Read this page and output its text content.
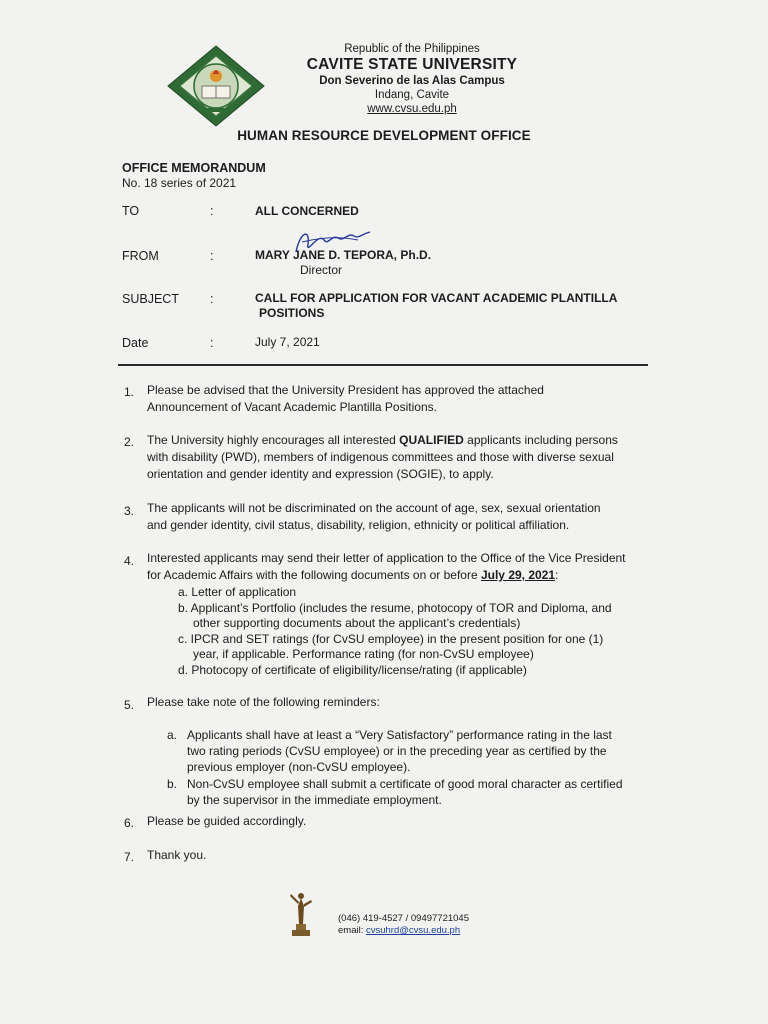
Republic of the Philippines
CAVITE STATE UNIVERSITY
Don Severino de las Alas Campus
Indang, Cavite
www.cvsu.edu.ph
HUMAN RESOURCE DEVELOPMENT OFFICE
OFFICE MEMORANDUM
No. 18 series of 2021
TO	:	ALL CONCERNED
FROM	:	MARY JANE D. TEPORA, Ph.D.
Director
SUBJECT :	CALL FOR APPLICATION FOR VACANT ACADEMIC PLANTILLA
POSITIONS
Date	:	July 7, 2021
1. Please be advised that the University President has approved the attached
Announcement of Vacant Academic Plantilla Positions.
2. The University highly encourages all interested QUALIFIED applicants including persons
with disability (PWD), members of indigenous committees and those with diverse sexual
orientation and gender identity and expression (SOGIE), to apply.
3. The applicants will not be discriminated on the account of age, sex, sexual orientation
and gender identity, civil status, disability, religion, ethnicity or political affiliation.
4. Interested applicants may send their letter of application to the Office of the Vice President
for Academic Affairs with the following documents on or before July 29, 2021:
a. Letter of application
b. Applicant’s Portfolio (includes the resume, photocopy of TOR and Diploma, and
other supporting documents about the applicant’s credentials)
c. IPCR and SET ratings (for CvSU employee) in the present position for one (1)
year, if applicable. Performance rating (for non-CvSU employee)
d. Photocopy of certificate of eligibility/license/rating (if applicable)
5. Please take note of the following reminders:
a. Applicants shall have at least a “Very Satisfactory” performance rating in the last
two rating periods (CvSU employee) or in the preceding year as certified by the
previous employer (non-CvSU employee).
b. Non-CvSU employee shall submit a certificate of good moral character as certified
by the supervisor in the immediate employment.
6. Please be guided accordingly.
7. Thank you.
(046) 419-4527 / 09497721045
email: cvsuhrd@cvsu.edu.ph
